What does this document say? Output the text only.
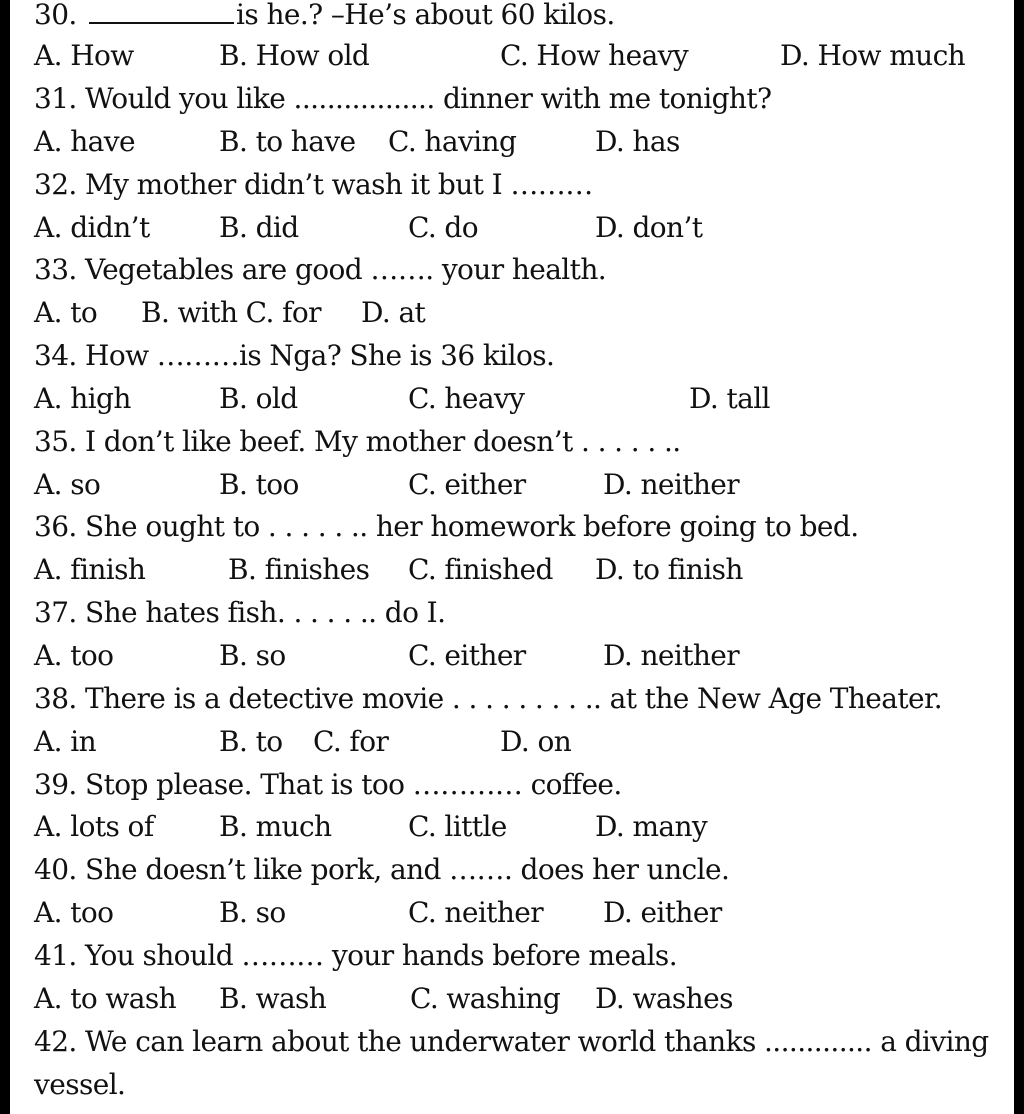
30.	is he.? –He’s about 60 kilos.
A. How	B. How old	C. How heavy	D. How much
31. Would you like ................. dinner with me tonight?
A. have	B. to have C. having	D. has
32. My mother didn’t wash it but I ………
A. didn’t B. did	C. do	D. don’t
33. Vegetables are good ……. your health.
A. to B. with C. for D. at
34. How ………is Nga? She is 36 kilos.
A. high	B. old	C. heavy	D. tall
35. I don’t like beef. My mother doesn’t . . . . . ..
A. so	B. too	C. either	D. neither
36. She ought to . . . . . .. her homework before going to bed.
A. finish	B. finishes C. finished D. to finish
37. She hates fish. . . . . .. do I.
A. too	B. so	C. either	D. neither
38. There is a detective movie . . . . . . . . .. at the New Age Theater.
A. in	B. to C. for	D. on
39. Stop please. That is too ………… coffee.
A. lots of B. much	C. little	D. many
40. She doesn’t like pork, and ……. does her uncle.
A. too	B. so	C. neither D. either
41. You should ……… your hands before meals.
A. to wash B. wash	C. washing D. washes
42. We can learn about the underwater world thanks ............. a diving
vessel.
